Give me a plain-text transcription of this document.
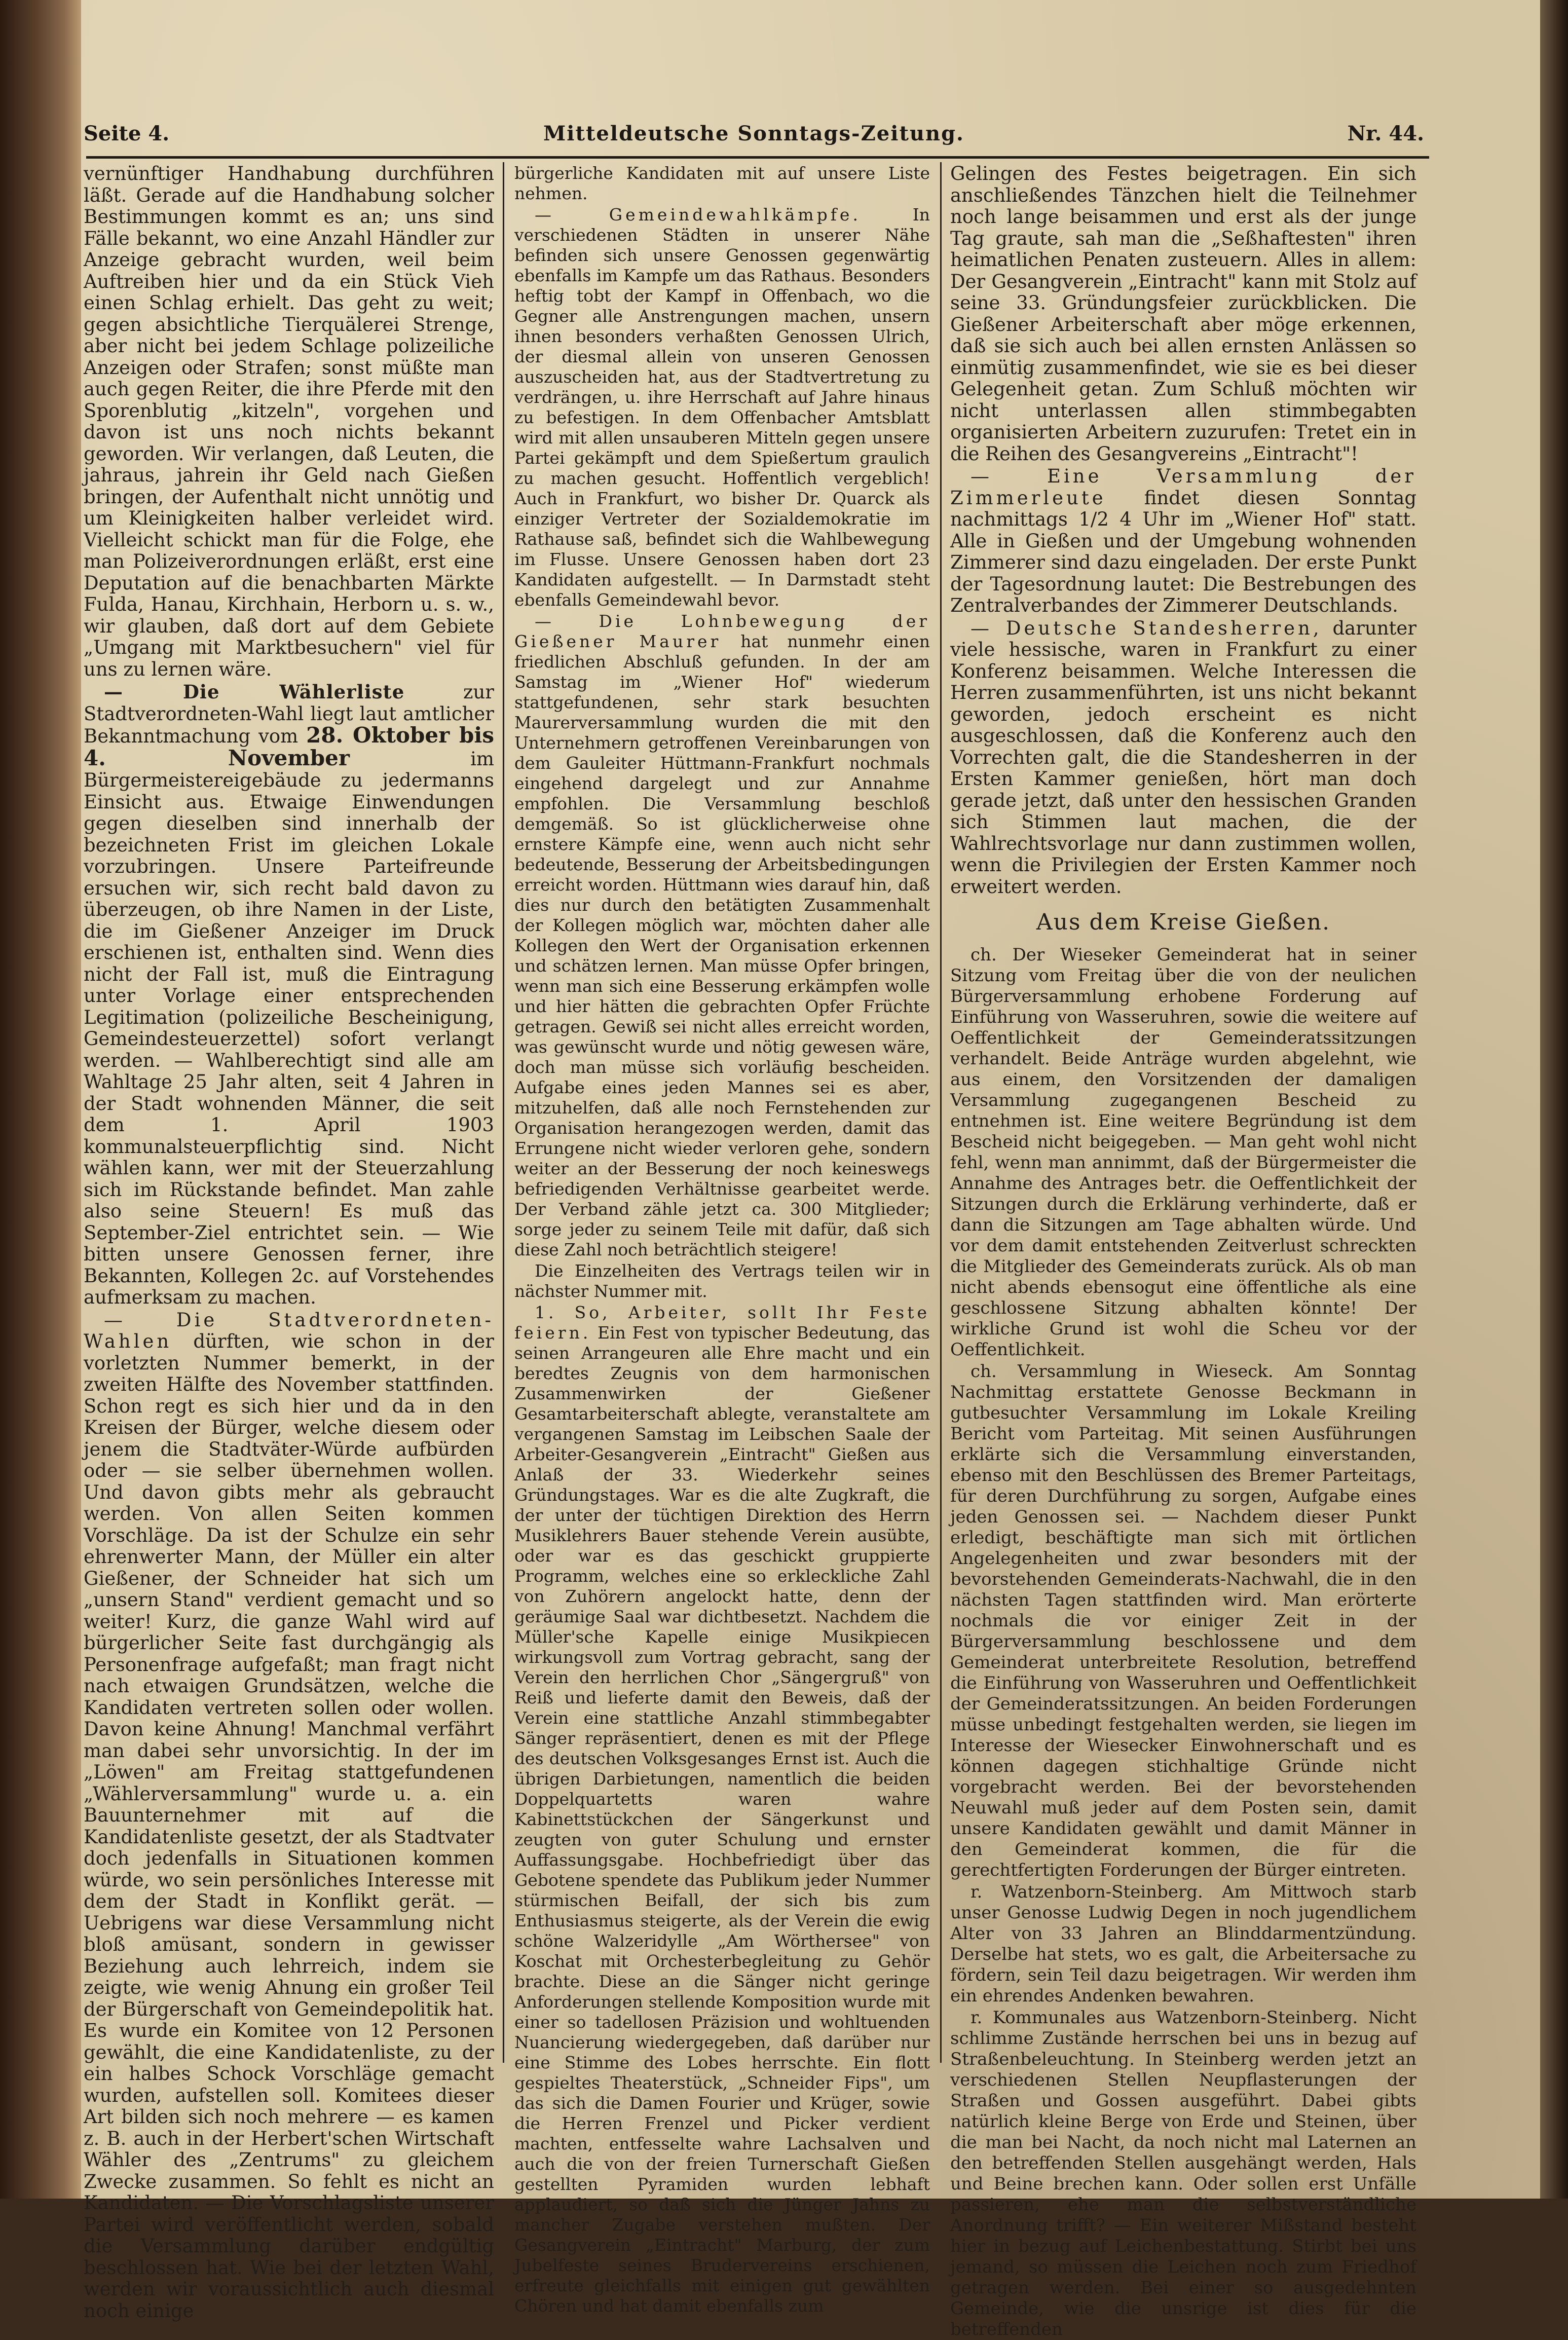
Seite 4.	Mitteldeutsche Sonntags-Zeitung.	Nr. 44.

vernünftiger Handhabung durchführen läßt. Gerade auf die Handhabung solcher Bestimmungen kommt es an; uns sind Fälle bekannt, wo eine Anzahl Händler zur Anzeige gebracht wurden, weil beim Auftreiben hier und da ein Stück Vieh einen Schlag erhielt. Das geht zu weit; gegen absichtliche Tierquälerei Strenge, aber nicht bei jedem Schlage polizeiliche Anzeigen oder Strafen; sonst müßte man auch gegen Reiter, die ihre Pferde mit den Sporenblutig „kitzeln", vorgehen und davon ist uns noch nichts bekannt geworden. Wir verlangen, daß Leuten, die jahraus, jahrein ihr Geld nach Gießen bringen, der Aufenthalt nicht unnötig und um Kleinigkeiten halber verleidet wird. Vielleicht schickt man für die Folge, ehe man Polizeiverordnungen erläßt, erst eine Deputation auf die benachbarten Märkte Fulda, Hanau, Kirchhain, Herborn u. s. w., wir glauben, daß dort auf dem Gebiete „Umgang mit Marktbesuchern" viel für uns zu lernen wäre.

— Die Wählerliste	zur Stadtverordneten-Wahl liegt laut amtlicher Bekanntmachung vom 28. Oktober bis 4. November	im Bürgermeistereigebäude zu jedermanns Einsicht aus. Etwaige Einwendungen gegen dieselben sind innerhalb der bezeichneten Frist im gleichen Lokale vorzubringen. Unsere Parteifreunde ersuchen wir, sich recht bald davon zu überzeugen, ob ihre Namen in der Liste, die im Gießener Anzeiger im Druck erschienen ist, enthalten sind. Wenn dies nicht der Fall ist, muß die Eintragung unter Vorlage einer entsprechenden Legitimation (polizeiliche Bescheinigung, Gemeindesteuerzettel) sofort verlangt werden. — Wahlberechtigt sind alle am Wahltage 25 Jahr alten, seit 4 Jahren in der Stadt wohnenden Männer, die seit dem 1. April 1903 kommunalsteuerpflichtig sind. Nicht wählen kann, wer mit der Steuerzahlung sich im Rückstande befindet. Man zahle also seine Steuern! Es muß das September-Ziel entrichtet sein. — Wie bitten unsere Genossen ferner, ihre Bekannten, Kollegen 2c. auf Vorstehendes aufmerksam zu machen.

— Die Stadtverordneten-Wahlen dürften, wie schon in der vorletzten Nummer bemerkt, in der zweiten Hälfte des November stattfinden. Schon regt es sich hier und da in den Kreisen der Bürger, welche diesem oder jenem die Stadtväter-Würde aufbürden oder — sie selber übernehmen wollen. Und davon gibts mehr als gebraucht werden. Von allen Seiten kommen Vorschläge. Da ist der Schulze ein sehr ehrenwerter Mann, der Müller ein alter Gießener, der Schneider hat sich um „unsern Stand" verdient gemacht und so weiter! Kurz, die ganze Wahl wird auf bürgerlicher Seite fast durchgängig als Personenfrage aufgefaßt; man fragt nicht nach etwaigen Grundsätzen, welche die Kandidaten vertreten sollen oder wollen. Davon keine Ahnung! Manchmal verfährt man dabei sehr unvorsichtig. In der im „Löwen" am Freitag stattgefundenen „Wählerversammlung" wurde u. a. ein Bauunternehmer mit auf die Kandidatenliste gesetzt, der als Stadtvater doch jedenfalls in Situationen kommen würde, wo sein persönliches Interesse mit dem der Stadt in Konflikt gerät. — Uebrigens war diese Versammlung nicht bloß amüsant, sondern in gewisser Beziehung auch lehrreich, indem sie zeigte, wie wenig Ahnung ein großer Teil der Bürgerschaft von Gemeindepolitik hat. Es wurde ein Komitee von 12 Personen gewählt, die eine Kandidatenliste, zu der ein halbes Schock Vorschläge gemacht wurden, aufstellen soll. Komitees dieser Art bilden sich noch mehrere — es kamen z. B. auch in der Herbert'schen Wirtschaft Wähler des „Zentrums" zu gleichem Zwecke zusammen. So fehlt es nicht an Kandidaten. — Die Vorschlagsliste unserer Partei wird veröffentlicht werden, sobald die Versammlung darüber endgültig beschlossen hat. Wie bei der letzten Wahl, werden wir voraussichtlich auch diesmal noch einige

bürgerliche Kandidaten mit auf unsere Liste nehmen.

— Gemeindewahlkämpfe.	In verschiedenen Städten in unserer Nähe befinden sich unsere Genossen gegenwärtig ebenfalls im Kampfe um das Rathaus. Besonders heftig tobt der Kampf in Offenbach, wo die Gegner alle Anstrengungen machen, unsern ihnen besonders verhaßten Genossen Ulrich, der diesmal allein von unseren Genossen auszuscheiden hat, aus der Stadtvertretung zu verdrängen, u. ihre Herrschaft auf Jahre hinaus zu befestigen. In dem Offenbacher Amtsblatt wird mit allen unsauberen Mitteln gegen unsere Partei gekämpft und dem Spießertum graulich zu machen gesucht. Hoffentlich vergeblich! Auch in Frankfurt, wo bisher Dr. Quarck als einziger Vertreter der Sozialdemokratie im Rathause saß, befindet sich die Wahlbewegung im Flusse. Unsere Genossen haben dort 23 Kandidaten aufgestellt. — In Darmstadt steht ebenfalls Gemeindewahl bevor.

— Die Lohnbewegung der Gießener Maurer hat nunmehr einen friedlichen Abschluß gefunden. In der am Samstag im „Wiener Hof" wiederum stattgefundenen, sehr stark besuchten Maurerversammlung wurden die mit den Unternehmern getroffenen Vereinbarungen von dem Gauleiter Hüttmann-Frankfurt nochmals eingehend dargelegt und zur Annahme empfohlen. Die Versammlung beschloß demgemäß. So ist glücklicherweise ohne ernstere Kämpfe eine, wenn auch nicht sehr bedeutende, Besserung der Arbeitsbedingungen erreicht worden. Hüttmann wies darauf hin, daß dies nur durch den betätigten Zusammenhalt der Kollegen möglich war, möchten daher alle Kollegen den Wert der Organisation erkennen und schätzen lernen. Man müsse Opfer bringen, wenn man sich eine Besserung erkämpfen wolle und hier hätten die gebrachten Opfer Früchte getragen. Gewiß sei nicht alles erreicht worden, was gewünscht wurde und nötig gewesen wäre, doch man müsse sich vorläufig bescheiden. Aufgabe eines jeden Mannes sei es aber, mitzuhelfen, daß alle noch Fernstehenden zur Organisation herangezogen werden, damit das Errungene nicht wieder verloren gehe, sondern weiter an der Besserung der noch keineswegs befriedigenden Verhältnisse gearbeitet werde. Der Verband zähle jetzt ca. 300 Mitglieder; sorge jeder zu seinem Teile mit dafür, daß sich diese Zahl noch beträchtlich steigere!

Die Einzelheiten des Vertrags teilen wir in nächster Nummer mit.

1. So, Arbeiter, sollt Ihr Feste feiern. Ein Fest von typischer Bedeutung, das seinen Arrangeuren alle Ehre macht und ein beredtes Zeugnis von dem harmonischen Zusammenwirken der Gießener Gesamtarbeiterschaft ablegte, veranstaltete am vergangenen Samstag im Leibschen Saale der Arbeiter-Gesangverein „Eintracht" Gießen aus Anlaß der 33. Wiederkehr seines Gründungstages. War es die alte Zugkraft, die der unter der tüchtigen Direktion des Herrn Musiklehrers Bauer stehende Verein ausübte, oder war es das geschickt gruppierte Programm, welches eine so erkleckliche Zahl von Zuhörern angelockt hatte, denn der geräumige Saal war dichtbesetzt. Nachdem die Müller'sche Kapelle einige Musikpiecen wirkungsvoll zum Vortrag gebracht, sang der Verein den herrlichen Chor „Sängergruß" von Reiß und lieferte damit den Beweis, daß der Verein eine stattliche Anzahl stimmbegabter Sänger repräsentiert, denen es mit der Pflege des deutschen Volksgesanges Ernst ist. Auch die übrigen Darbietungen, namentlich die beiden Doppelquartetts waren wahre Kabinettstückchen der Sängerkunst und zeugten von guter Schulung und ernster Auffassungsgabe. Hochbefriedigt über das Gebotene spendete das Publikum jeder Nummer stürmischen Beifall, der sich bis zum Enthusiasmus steigerte, als der Verein die ewig schöne Walzeridylle „Am Wörthersee" von Koschat mit Orchesterbegleitung zu Gehör brachte. Diese an die Sänger nicht geringe Anforderungen stellende Komposition wurde mit einer so tadellosen Präzision und wohltuenden Nuancierung wiedergegeben, daß darüber nur eine Stimme des Lobes herrschte. Ein flott gespieltes Theaterstück, „Schneider Fips", um das sich die Damen Fourier und Krüger, sowie die Herren Frenzel und Picker verdient machten, entfesselte wahre Lachsalven und auch die von der freien Turnerschaft Gießen gestellten Pyramiden wurden lebhaft applaudiert, so daß sich die Jünger Jahns zu mancher Zugabe verstehen mußten. Der Gesangverein „Eintracht" Marburg, der zum Jubelfeste seines Brudervereins erschienen, erfreute gleichfalls mit einigen gut gewählten Chören und hat damit ebenfalls zum

Gelingen des Festes beigetragen. Ein sich anschließendes Tänzchen hielt die Teilnehmer noch lange beisammen und erst als der junge Tag graute, sah man die „Seßhaftesten" ihren heimatlichen Penaten zusteuern. Alles in allem: Der Gesangverein „Eintracht" kann mit Stolz auf seine 33. Gründungsfeier zurückblicken. Die Gießener Arbeiterschaft aber möge erkennen, daß sie sich auch bei allen ernsten Anlässen so einmütig zusammenfindet, wie sie es bei dieser Gelegenheit getan. Zum Schluß möchten wir nicht unterlassen allen stimmbegabten organisierten Arbeitern zuzurufen: Tretet ein in die Reihen des Gesangvereins „Eintracht"!

— Eine Versammlung der Zimmerleute findet diesen Sonntag nachmittags 1/2 4 Uhr im „Wiener Hof" statt. Alle in Gießen und der Umgebung wohnenden Zimmerer sind dazu eingeladen. Der erste Punkt der Tagesordnung lautet: Die Bestrebungen des Zentralverbandes der Zimmerer Deutschlands.

— Deutsche Standesherren, darunter viele hessische, waren in Frankfurt zu einer Konferenz beisammen. Welche Interessen die Herren zusammenführten, ist uns nicht bekannt geworden, jedoch erscheint es nicht ausgeschlossen, daß die Konferenz auch den Vorrechten galt, die die Standesherren in der Ersten Kammer genießen, hört man doch gerade jetzt, daß unter den hessischen Granden sich Stimmen laut machen, die der Wahlrechtsvorlage nur dann zustimmen wollen, wenn die Privilegien der Ersten Kammer noch erweitert werden.

Aus dem Kreise Gießen.

ch. Der Wieseker Gemeinderat hat in seiner Sitzung vom Freitag über die von der neulichen Bürgerversammlung erhobene Forderung auf Einführung von Wasseruhren, sowie die weitere auf Oeffentlichkeit der Gemeinderatssitzungen verhandelt. Beide Anträge wurden abgelehnt, wie aus einem, den Vorsitzenden der damaligen Versammlung zugegangenen Bescheid zu entnehmen ist. Eine weitere Begründung ist dem Bescheid nicht beigegeben. — Man geht wohl nicht fehl, wenn man annimmt, daß der Bürgermeister die Annahme des Antrages betr. die Oeffentlichkeit der Sitzungen durch die Erklärung verhinderte, daß er dann die Sitzungen am Tage abhalten würde. Und vor dem damit entstehenden Zeitverlust schreckten die Mitglieder des Gemeinderats zurück. Als ob man nicht abends ebensogut eine öffentliche als eine geschlossene Sitzung abhalten könnte! Der wirkliche Grund ist wohl die Scheu vor der Oeffentlichkeit.

ch. Versammlung in Wieseck. Am Sonntag Nachmittag erstattete Genosse Beckmann in gutbesuchter Versammlung im Lokale Kreiling Bericht vom Parteitag. Mit seinen Ausführungen erklärte sich die Versammlung einverstanden, ebenso mit den Beschlüssen des Bremer Parteitags, für deren Durchführung zu sorgen, Aufgabe eines jeden Genossen sei. — Nachdem dieser Punkt erledigt, beschäftigte man sich mit örtlichen Angelegenheiten und zwar besonders mit der bevorstehenden Gemeinderats-Nachwahl, die in den nächsten Tagen stattfinden wird. Man erörterte nochmals die vor einiger Zeit in der Bürgerversammlung beschlossene und dem Gemeinderat unterbreitete Resolution, betreffend die Einführung von Wasseruhren und Oeffentlichkeit der Gemeinderatssitzungen. An beiden Forderungen müsse unbedingt festgehalten werden, sie liegen im Interesse der Wiesecker Einwohnerschaft und es können dagegen stichhaltige Gründe nicht vorgebracht werden. Bei der bevorstehenden Neuwahl muß jeder auf dem Posten sein, damit unsere Kandidaten gewählt und damit Männer in den Gemeinderat kommen, die für die gerechtfertigten Forderungen der Bürger eintreten.

r. Watzenborn-Steinberg. Am Mittwoch starb unser Genosse Ludwig Degen in noch jugendlichem Alter von 33 Jahren an Blinddarmentzündung. Derselbe hat stets, wo es galt, die Arbeitersache zu fördern, sein Teil dazu beigetragen. Wir werden ihm ein ehrendes Andenken bewahren.

r. Kommunales aus Watzenborn-Steinberg. Nicht schlimme Zustände herrschen bei uns in bezug auf Straßenbeleuchtung. In Steinberg werden jetzt an verschiedenen Stellen Neupflasterungen der Straßen und Gossen ausgeführt. Dabei gibts natürlich kleine Berge von Erde und Steinen, über die man bei Nacht, da noch nicht mal Laternen an den betreffenden Stellen ausgehängt werden, Hals und Beine brechen kann. Oder sollen erst Unfälle passieren, ehe man die selbstverständliche Anordnung trifft? — Ein weiterer Mißstand besteht hier in bezug auf Leichenbestattung. Stirbt bei uns jemand, so müssen die Leichen noch zum Friedhof getragen werden. Bei einer so ausgedehnten Gemeinde, wie die unsrige ist dies für die betreffenden
